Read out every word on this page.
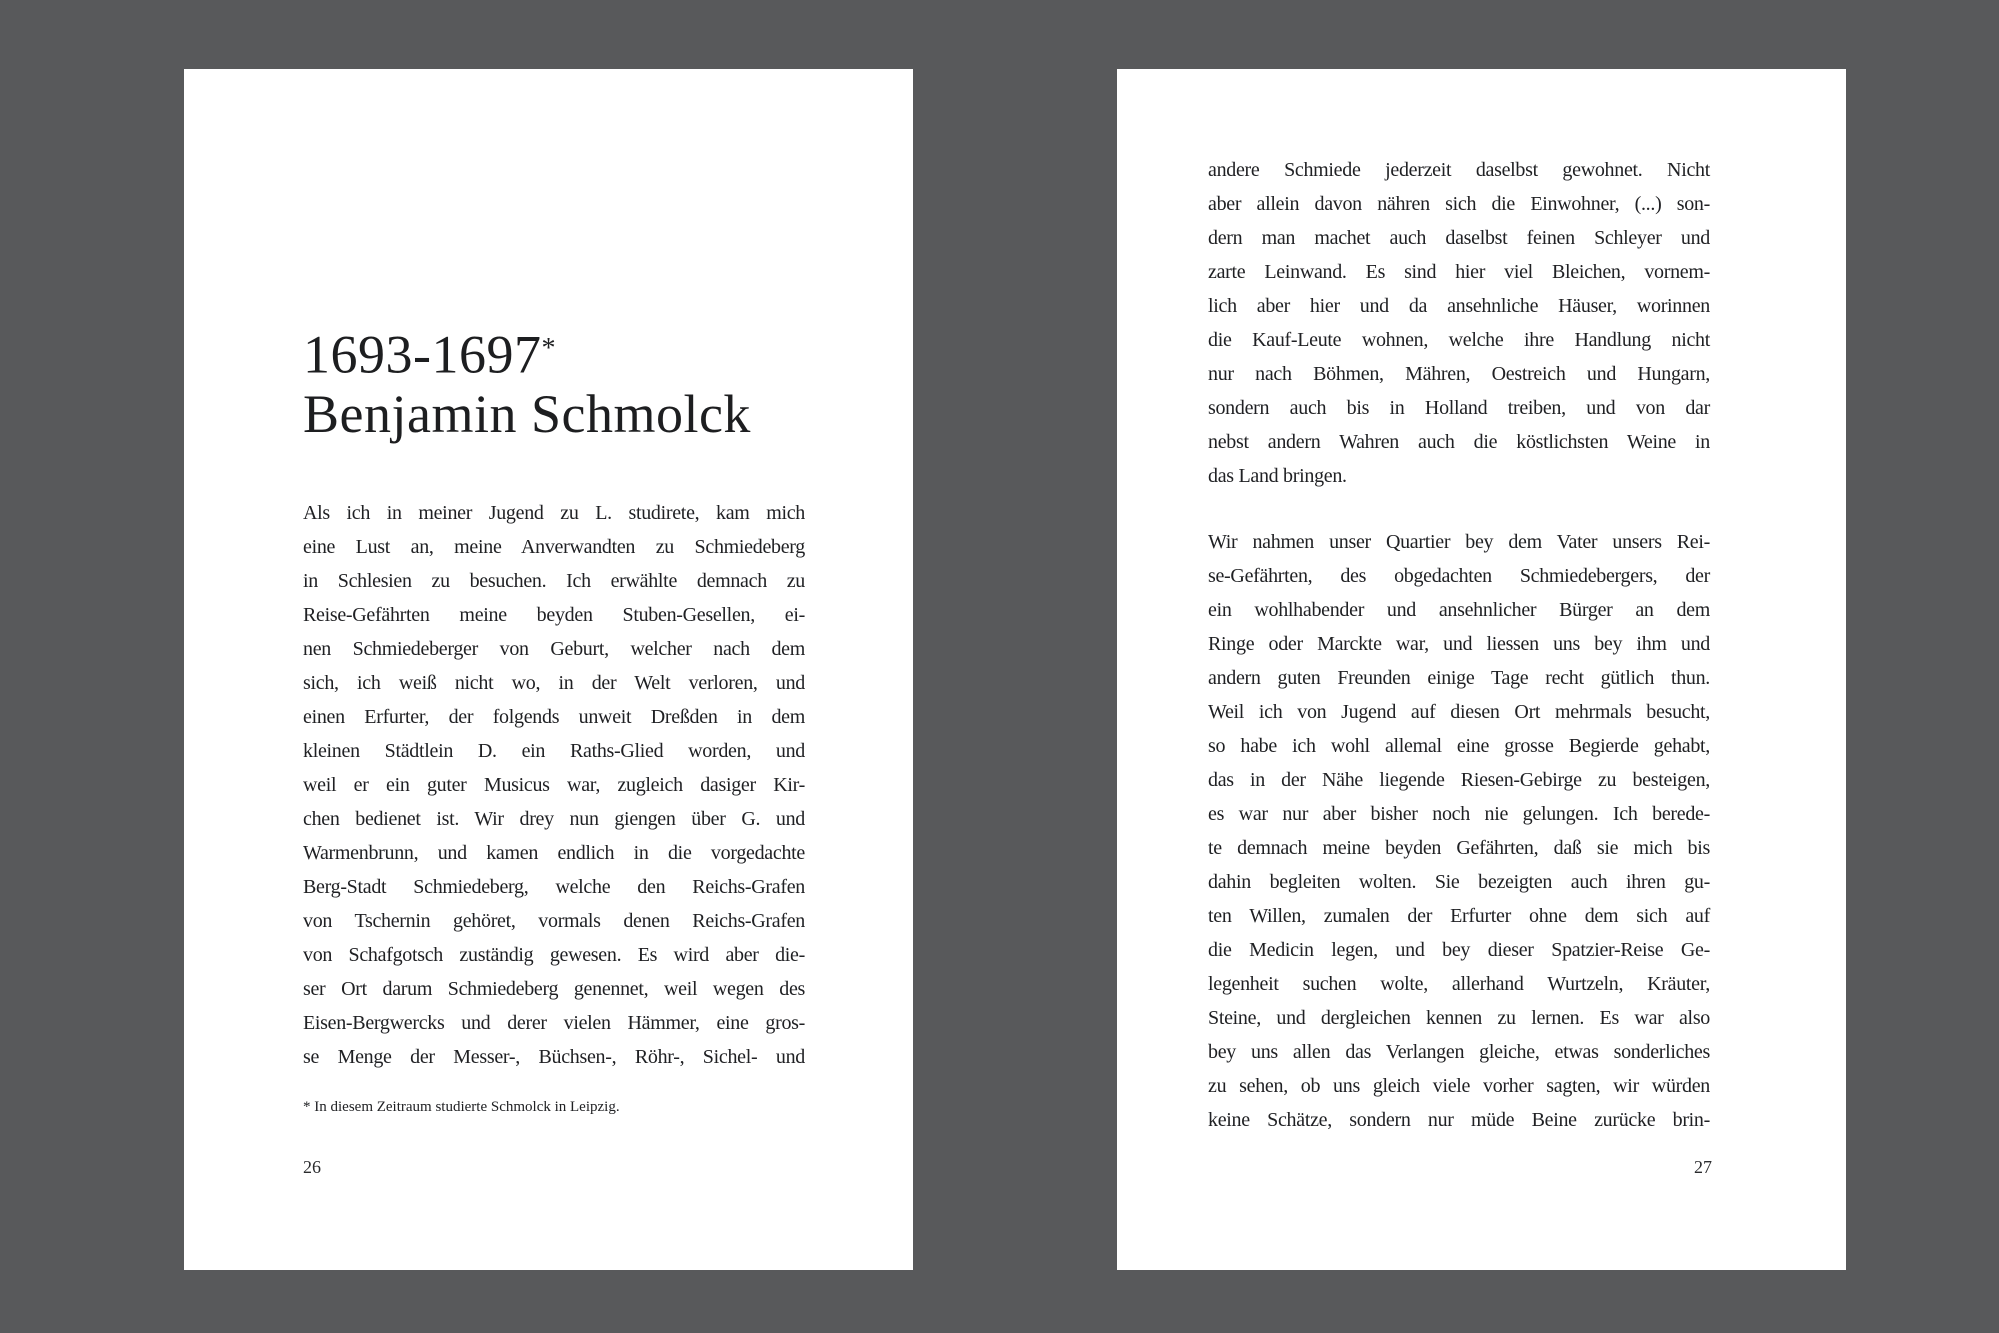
1693-1697*
Benjamin Schmolck
Als ich in meiner Jugend zu L. studirete, kam mich
eine Lust an, meine Anverwandten zu Schmiedeberg
in Schlesien zu besuchen. Ich erwählte demnach zu
Reise-Gefährten meine beyden Stuben-Gesellen, ei-
nen Schmiedeberger von Geburt, welcher nach dem
sich, ich weiß nicht wo, in der Welt verloren, und
einen Erfurter, der folgends unweit Dreßden in dem
kleinen Städtlein D. ein Raths-Glied worden, und
weil er ein guter Musicus war, zugleich dasiger Kir-
chen bedienet ist. Wir drey nun giengen über G. und
Warmenbrunn, und kamen endlich in die vorgedachte
Berg-Stadt Schmiedeberg, welche den Reichs-Grafen
von Tschernin gehöret, vormals denen Reichs-Grafen
von Schafgotsch zuständig gewesen. Es wird aber die-
ser Ort darum Schmiedeberg genennet, weil wegen des
Eisen-Bergwercks und derer vielen Hämmer, eine gros-
se Menge der Messer-, Büchsen-, Röhr-, Sichel- und
* In diesem Zeitraum studierte Schmolck in Leipzig.
26
andere Schmiede jederzeit daselbst gewohnet. Nicht
aber allein davon nähren sich die Einwohner, (...) son-
dern man machet auch daselbst feinen Schleyer und
zarte Leinwand. Es sind hier viel Bleichen, vornem-
lich aber hier und da ansehnliche Häuser, worinnen
die Kauf-Leute wohnen, welche ihre Handlung nicht
nur nach Böhmen, Mähren, Oestreich und Hungarn,
sondern auch bis in Holland treiben, und von dar
nebst andern Wahren auch die köstlichsten Weine in
das Land bringen.
Wir nahmen unser Quartier bey dem Vater unsers Rei-
se-Gefährten, des obgedachten Schmiedebergers, der
ein wohlhabender und ansehnlicher Bürger an dem
Ringe oder Marckte war, und liessen uns bey ihm und
andern guten Freunden einige Tage recht gütlich thun.
Weil ich von Jugend auf diesen Ort mehrmals besucht,
so habe ich wohl allemal eine grosse Begierde gehabt,
das in der Nähe liegende Riesen-Gebirge zu besteigen,
es war nur aber bisher noch nie gelungen. Ich berede-
te demnach meine beyden Gefährten, daß sie mich bis
dahin begleiten wolten. Sie bezeigten auch ihren gu-
ten Willen, zumalen der Erfurter ohne dem sich auf
die Medicin legen, und bey dieser Spatzier-Reise Ge-
legenheit suchen wolte, allerhand Wurtzeln, Kräuter,
Steine, und dergleichen kennen zu lernen. Es war also
bey uns allen das Verlangen gleiche, etwas sonderliches
zu sehen, ob uns gleich viele vorher sagten, wir würden
keine Schätze, sondern nur müde Beine zurücke brin-
27
